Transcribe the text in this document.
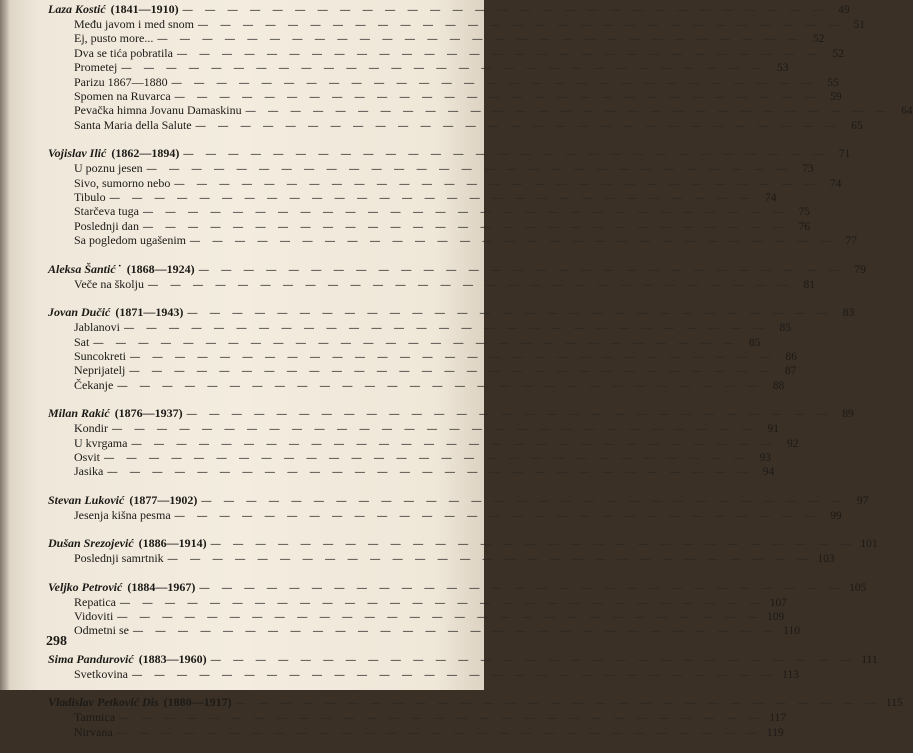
Laza Kostić (1841—1910) — — —	49
Među javom i med snom — — —	51
Ej, pusto more... — — —	52
Dva se tića pobratila — — —	52
Prometej — — —	53
Parizu 1867—1880 — — —	55
Spomen na Ruvarca — — —	59
Pevačka himna Jovanu Damaskinu — — —	64
Santa Maria della Salute — — —	65
Vojislav Ilić (1862—1894) — — —	71
U poznu jesen — — —	73
Sivo, sumorno nebo — — —	74
Tibulo — — —	74
Starčeva tuga — — —	75
Poslednji dan — — —	76
Sa pogledom ugašenim — — —	77
Aleksa Šantić ˙ (1868—1924) — — —	79
Veče na školju — — —	81
Jovan Dučić (1871—1943) — — —	83
Jablanovi — — —	85
Sat — — —	85
Suncokreti — — —	86
Neprijatelj — — —	87
Čekanje — — —	88
Milan Rakić (1876—1937) — — —	89
Kondir — — —	91
U kvrgama — — —	92
Osvit — — —	93
Jasika — — —	94
Stevan Luković (1877—1902) — — —	97
Jesenja kišna pesma — — —	99
Dušan Srezojević (1886—1914) — — —	101
Poslednji samrtnik — — —	103
Veljko Petrović (1884—1967) — — —	105
Repatica — — —	107
Vidoviti — — —	109
Odmetni se — — —	110
Sima Pandurović (1883—1960) — — —	111
Svetkovina — — —	113
Vladislav Petković Dis (1880—1917) — — —	115
Tamnica — — —	117
Nirvana — — —	119
298
